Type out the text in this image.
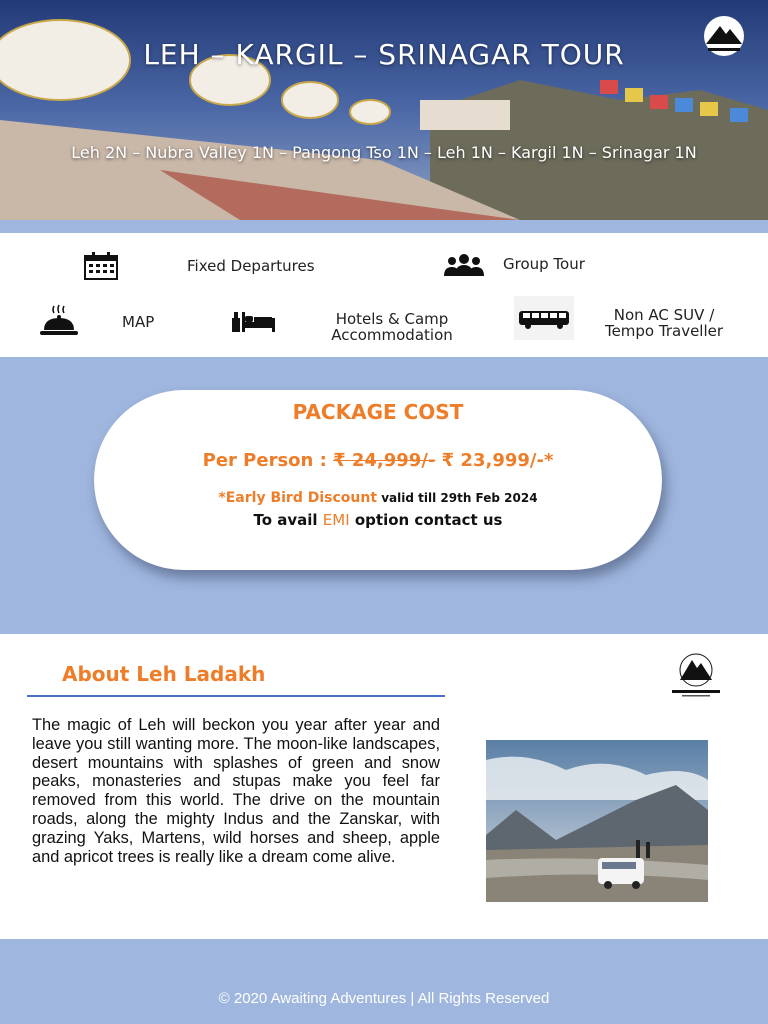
LEH – KARGIL – SRINAGAR TOUR
Leh 2N – Nubra Valley 1N – Pangong Tso 1N – Leh 1N – Kargil 1N – Srinagar 1N
Fixed Departures	Group Tour
MAP	Hotels & Camp
Accommodation
Non AC SUV /
Tempo Traveller
PACKAGE COST
Per Person : ₹ 24,999/- ₹ 23,999/-*
*Early Bird Discount valid till 29th Feb 2024
To avail EMI option contact us
About Leh Ladakh
The magic of Leh will beckon you year after year and leave you still wanting more. The moon-like landscapes, desert mountains with splashes of green and snow peaks, monasteries and stupas make you feel far removed from this world. The drive on the mountain roads, along the mighty Indus and the Zanskar, with grazing Yaks, Martens, wild horses and sheep, apple and apricot trees is really like a dream come alive.
© 2020 Awaiting Adventures | All Rights Reserved
